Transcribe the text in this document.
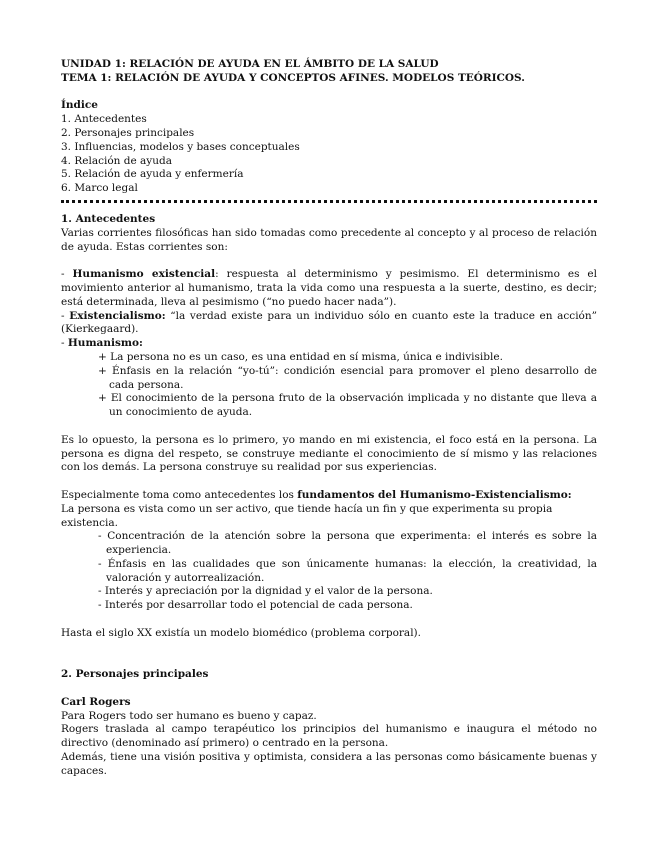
UNIDAD 1: RELACIÓN DE AYUDA EN EL ÁMBITO DE LA SALUD

TEMA 1: RELACIÓN DE AYUDA Y CONCEPTOS AFINES. MODELOS TEÓRICOS.

Índice

1. Antecedentes

2. Personajes principales

3. Influencias, modelos y bases conceptuales

4. Relación de ayuda

5. Relación de ayuda y enfermería

6. Marco legal

1. Antecedentes

Varias corrientes filosóficas han sido tomadas como precedente al concepto y al proceso de relación de ayuda. Estas corrientes son:

- Humanismo existencial: respuesta al determinismo y pesimismo. El determinismo es el movimiento anterior al humanismo, trata la vida como una respuesta a la suerte, destino, es decir; está determinada, lleva al pesimismo (“no puedo hacer nada”).

- Existencialismo: “la verdad existe para un individuo sólo en cuanto este la traduce en acción” (Kierkegaard).

- Humanismo:

+ La persona no es un caso, es una entidad en sí misma, única e indivisible.

+ Énfasis en la relación “yo-tú”: condición esencial para promover el pleno desarrollo de cada persona.

+ El conocimiento de la persona fruto de la observación implicada y no distante que lleva a un conocimiento de ayuda.

Es lo opuesto, la persona es lo primero, yo mando en mi existencia, el foco está en la persona. La persona es digna del respeto, se construye mediante el conocimiento de sí mismo y las relaciones con los demás. La persona construye su realidad por sus experiencias.

Especialmente toma como antecedentes los fundamentos del Humanismo-Existencialismo:

La persona es vista como un ser activo, que tiende hacía un fin y que experimenta su propia existencia.

- Concentración de la atención sobre la persona que experimenta: el interés es sobre la experiencia.

- Énfasis en las cualidades que son únicamente humanas: la elección, la creatividad, la valoración y autorrealización.

- Interés y apreciación por la dignidad y el valor de la persona.

- Interés por desarrollar todo el potencial de cada persona.

Hasta el siglo XX existía un modelo biomédico (problema corporal).

2. Personajes principales

Carl Rogers

Para Rogers todo ser humano es bueno y capaz.

Rogers traslada al campo terapéutico los principios del humanismo e inaugura el método no directivo (denominado así primero) o centrado en la persona.

Además, tiene una visión positiva y optimista, considera a las personas como básicamente buenas y capaces.
